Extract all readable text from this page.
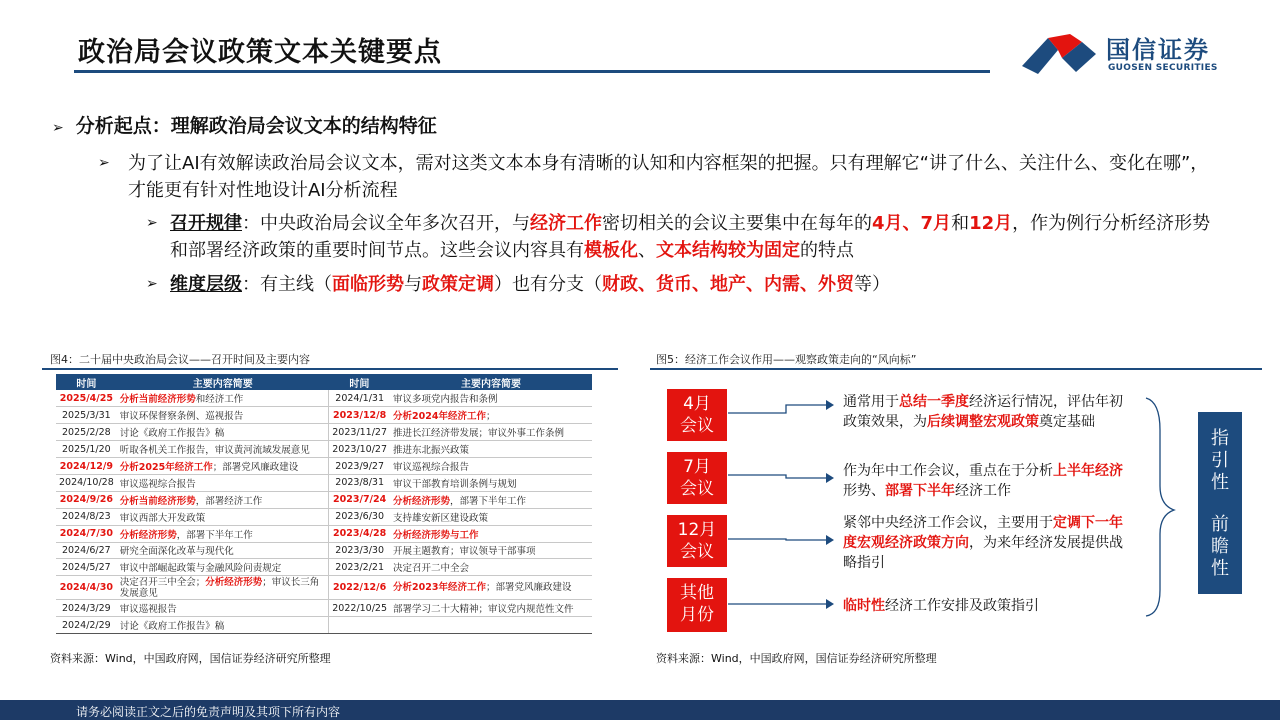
政治局会议政策文本关键要点	国信证券
GUOSEN SECURITIES
➢ 分析起点：理解政治局会议文本的结构特征
➢	为了让AI有效解读政治局会议文本，需对这类文本本身有清晰的认知和内容框架的把握。只有理解它“讲了什么、关注什么、变化在哪”，才能更有针对性地设计AI分析流程
➢ 召开规律：中央政治局会议全年多次召开，与经济工作密切相关的会议主要集中在每年的4月、7月和12月，作为例行分析经济形势和部署经济政策的重要时间节点。这些会议内容具有模板化、文本结构较为固定的特点
➢ 维度层级：有主线（面临形势与政策定调）也有分支（财政、货币、地产、内需、外贸等）
图4：二十届中央政治局会议——召开时间及主要内容
时间	主要内容简要	时间	主要内容简要
2025/4/25	分析当前经济形势和经济工作	2024/1/31	审议多项党内报告和条例
2025/3/31	审议环保督察条例、巡视报告	2023/12/8	分析2024年经济工作；
2025/2/28	讨论《政府工作报告》稿	2023/11/27	推进长江经济带发展；审议外事工作条例
2025/1/20	听取各机关工作报告，审议黄河流域发展意见	2023/10/27	推进东北振兴政策
2024/12/9	分析2025年经济工作；部署党风廉政建设	2023/9/27	审议巡视综合报告
2024/10/28	审议巡视综合报告	2023/8/31	审议干部教育培训条例与规划
2024/9/26	分析当前经济形势，部署经济工作	2023/7/24	分析经济形势，部署下半年工作
2024/8/23	审议西部大开发政策	2023/6/30	支持雄安新区建设政策
2024/7/30	分析经济形势，部署下半年工作	2023/4/28	分析经济形势与工作
2024/6/27	研究全面深化改革与现代化	2023/3/30	开展主题教育；审议领导干部事项
2024/5/27	审议中部崛起政策与金融风险问责规定	2023/2/21	决定召开二中全会
2024/4/30	决定召开三中全会；分析经济形势；审议长三角发展意见	2022/12/6	分析2023年经济工作；部署党风廉政建设
2024/3/29	审议巡视报告	2022/10/25	部署学习二十大精神；审议党内规范性文件
2024/2/29	讨论《政府工作报告》稿		
资料来源：Wind，中国政府网，国信证券经济研究所整理
图5：经济工作会议作用——观察政策走向的“风向标”
4月
会议
7月
会议
12月
会议
其他
月份
通常用于总结一季度经济运行情况，评估年初政策效果，为后续调整宏观政策奠定基础
作为年中工作会议，重点在于分析上半年经济形势、部署下半年经济工作
紧邻中央经济工作会议，主要用于定调下一年度宏观经济政策方向，为来年经济发展提供战略指引
临时性经济工作安排及政策指引
指
引
性
前
瞻
性
资料来源：Wind，中国政府网，国信证券经济研究所整理
请务必阅读正文之后的免责声明及其项下所有内容
